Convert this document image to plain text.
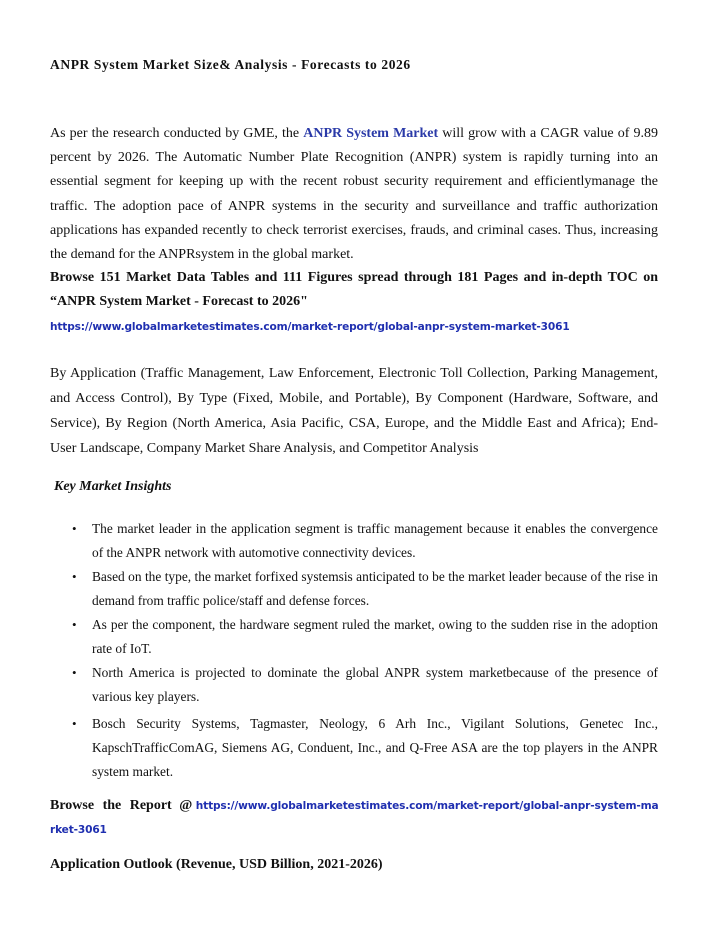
ANPR System Market Size& Analysis - Forecasts to 2026

As per the research conducted by GME, the ANPR System Market will grow with a CAGR value of 9.89 percent by 2026. The Automatic Number Plate Recognition (ANPR) system is rapidly turning into an essential segment for keeping up with the recent robust security requirement and efficientlymanage the traffic. The adoption pace of ANPR systems in the security and surveillance and traffic authorization applications has expanded recently to check terrorist exercises, frauds, and criminal cases. Thus, increasing the demand for the ANPRsystem in the global market.

Browse 151 Market Data Tables and 111 Figures spread through 181 Pages and in-depth TOC on “ANPR System Market - Forecast to 2026"

https://www.globalmarketestimates.com/market-report/global-anpr-system-market-3061

By Application (Traffic Management, Law Enforcement, Electronic Toll Collection, Parking Management, and Access Control), By Type (Fixed, Mobile, and Portable), By Component (Hardware, Software, and Service), By Region (North America, Asia Pacific, CSA, Europe, and the Middle East and Africa); End-User Landscape, Company Market Share Analysis, and Competitor Analysis

Key Market Insights
• The market leader in the application segment is traffic management because it enables the convergence of the ANPR network with automotive connectivity devices.
• Based on the type, the market forfixed systemsis anticipated to be the market leader because of the rise in demand from traffic police/staff and defense forces.
• As per the component, the hardware segment ruled the market, owing to the sudden rise in the adoption rate of IoT.
• North America is projected to dominate the global ANPR system marketbecause of the presence of various key players.
• Bosch Security Systems, Tagmaster, Neology, 6 Arh Inc., Vigilant Solutions, Genetec Inc., KapschTrafficComAG, Siemens AG, Conduent, Inc., and Q-Free ASA are the top players in the ANPR system market.
Browse the Report @ https://www.globalmarketestimates.com/market-report/global-anpr-system-market-3061
Application Outlook (Revenue, USD Billion, 2021-2026)
